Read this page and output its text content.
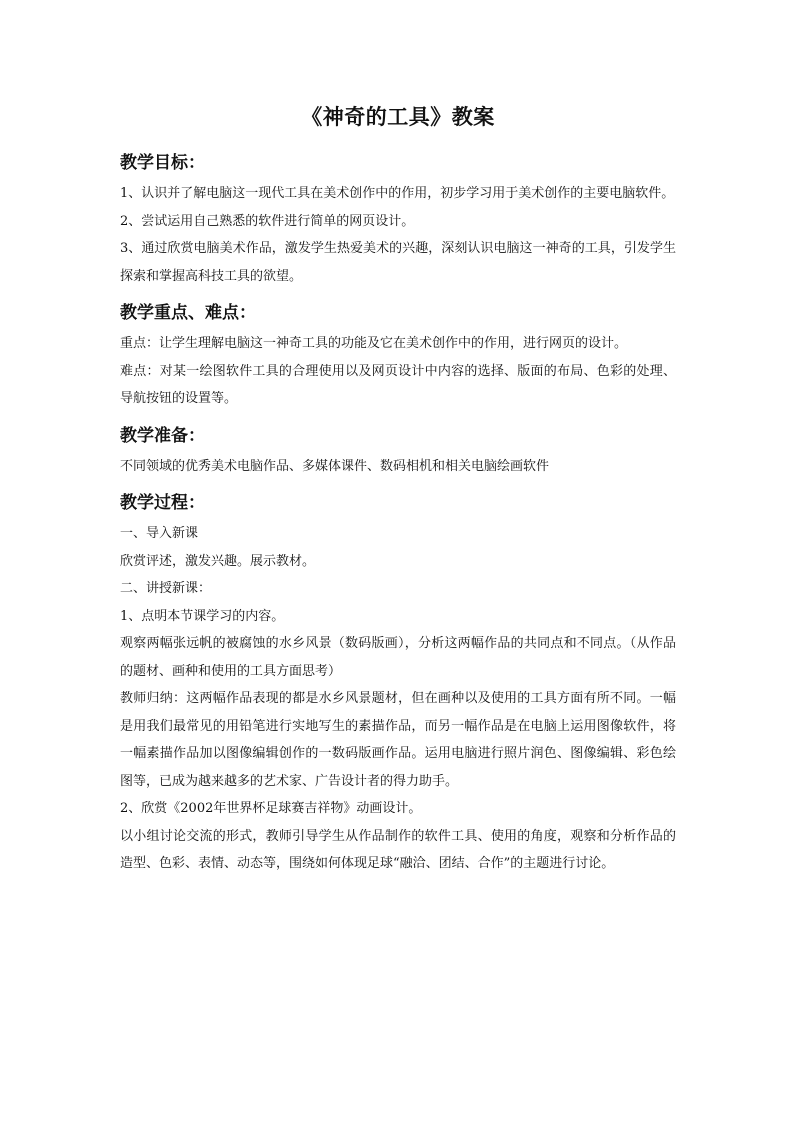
《神奇的工具》教案
教学目标：

1、认识并了解电脑这一现代工具在美术创作中的作用，初步学习用于美术创作的主要电脑软件。

2、尝试运用自己熟悉的软件进行简单的网页设计。

3、通过欣赏电脑美术作品，激发学生热爱美术的兴趣，深刻认识电脑这一神奇的工具，引发学生探索和掌握高科技工具的欲望。

教学重点、难点：

重点：让学生理解电脑这一神奇工具的功能及它在美术创作中的作用，进行网页的设计。

难点：对某一绘图软件工具的合理使用以及网页设计中内容的选择、版面的布局、色彩的处理、导航按钮的设置等。

教学准备：

不同领域的优秀美术电脑作品、多媒体课件、数码相机和相关电脑绘画软件

教学过程：

一、导入新课

欣赏评述，激发兴趣。展示教材。

二、讲授新课：

1、点明本节课学习的内容。

观察两幅张远帆的被腐蚀的水乡风景（数码版画），分析这两幅作品的共同点和不同点。（从作品的题材、画种和使用的工具方面思考）

教师归纳：这两幅作品表现的都是水乡风景题材，但在画种以及使用的工具方面有所不同。一幅是用我们最常见的用铅笔进行实地写生的素描作品，而另一幅作品是在电脑上运用图像软件，将一幅素描作品加以图像编辑创作的一数码版画作品。运用电脑进行照片润色、图像编辑、彩色绘图等，已成为越来越多的艺术家、广告设计者的得力助手。

2、欣赏《2002年世界杯足球赛吉祥物》动画设计。

以小组讨论交流的形式，教师引导学生从作品制作的软件工具、使用的角度，观察和分析作品的造型、色彩、表情、动态等，围绕如何体现足球“融洽、团结、合作”的主题进行讨论。
